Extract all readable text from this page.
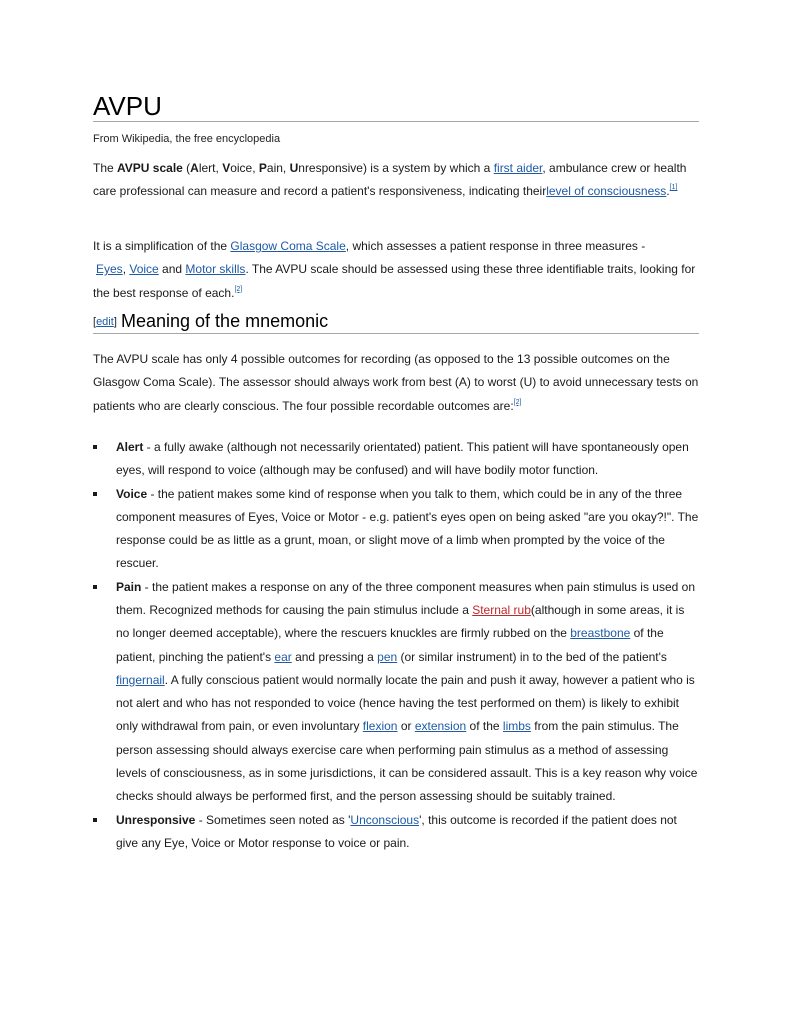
AVPU
From Wikipedia, the free encyclopedia

The AVPU scale (Alert, Voice, Pain, Unresponsive) is a system by which a first aider, ambulance crew or health care professional can measure and record a patient's responsiveness, indicating theirlevel of consciousness.[1]

It is a simplification of the Glasgow Coma Scale, which assesses a patient response in three measures -
Eyes, Voice and Motor skills. The AVPU scale should be assessed using these three identifiable traits, looking for the best response of each.[2]

[edit] Meaning of the mnemonic

The AVPU scale has only 4 possible outcomes for recording (as opposed to the 13 possible outcomes on the Glasgow Coma Scale). The assessor should always work from best (A) to worst (U) to avoid unnecessary tests on patients who are clearly conscious. The four possible recordable outcomes are:[2]

Alert - a fully awake (although not necessarily orientated) patient. This patient will have spontaneously open eyes, will respond to voice (although may be confused) and will have bodily motor function.
Voice - the patient makes some kind of response when you talk to them, which could be in any of the three component measures of Eyes, Voice or Motor - e.g. patient's eyes open on being asked "are you okay?!". The response could be as little as a grunt, moan, or slight move of a limb when prompted by the voice of the rescuer.
Pain - the patient makes a response on any of the three component measures when pain stimulus is used on them. Recognized methods for causing the pain stimulus include a Sternal rub(although in some areas, it is no longer deemed acceptable), where the rescuers knuckles are firmly rubbed on the breastbone of the patient, pinching the patient's ear and pressing a pen (or similar instrument) in to the bed of the patient's fingernail. A fully conscious patient would normally locate the pain and push it away, however a patient who is not alert and who has not responded to voice (hence having the test performed on them) is likely to exhibit only withdrawal from pain, or even involuntary flexion or extension of the limbs from the pain stimulus. The person assessing should always exercise care when performing pain stimulus as a method of assessing levels of consciousness, as in some jurisdictions, it can be considered assault. This is a key reason why voice checks should always be performed first, and the person assessing should be suitably trained.
Unresponsive - Sometimes seen noted as 'Unconscious', this outcome is recorded if the patient does not give any Eye, Voice or Motor response to voice or pain.
